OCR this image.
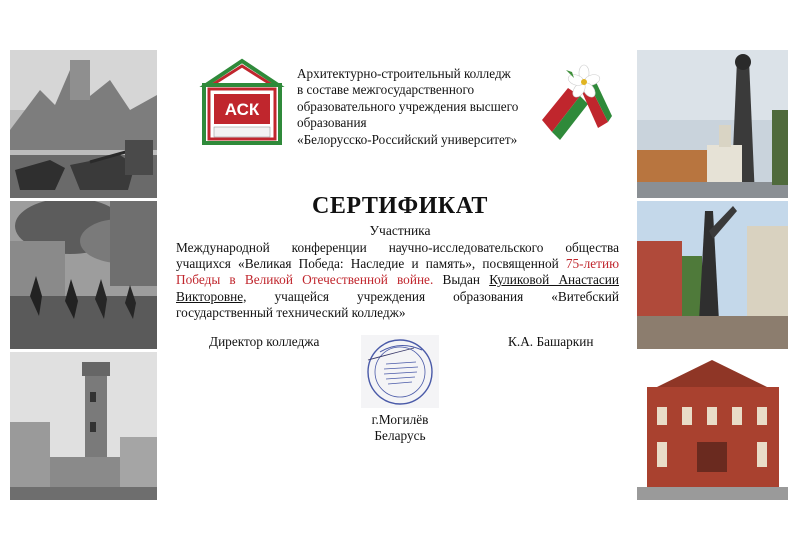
АСК
Архитектурно-строительный колледж
в составе межгосударственного
образовательного учреждения высшего
образования
«Белорусско-Российский университет»
СЕРТИФИКАТ
Участника
Международной конференции научно-исследовательского общества учащихся «Великая Победа: Наследие и память», посвященной 75-летию Победы в Великой Отечественной войне. Выдан Куликовой Анастасии Викторовне, учащейся учреждения образования «Витебский государственный технический колледж»
Директор колледжа	К.А. Башаркин
г.Могилёв
Беларусь
